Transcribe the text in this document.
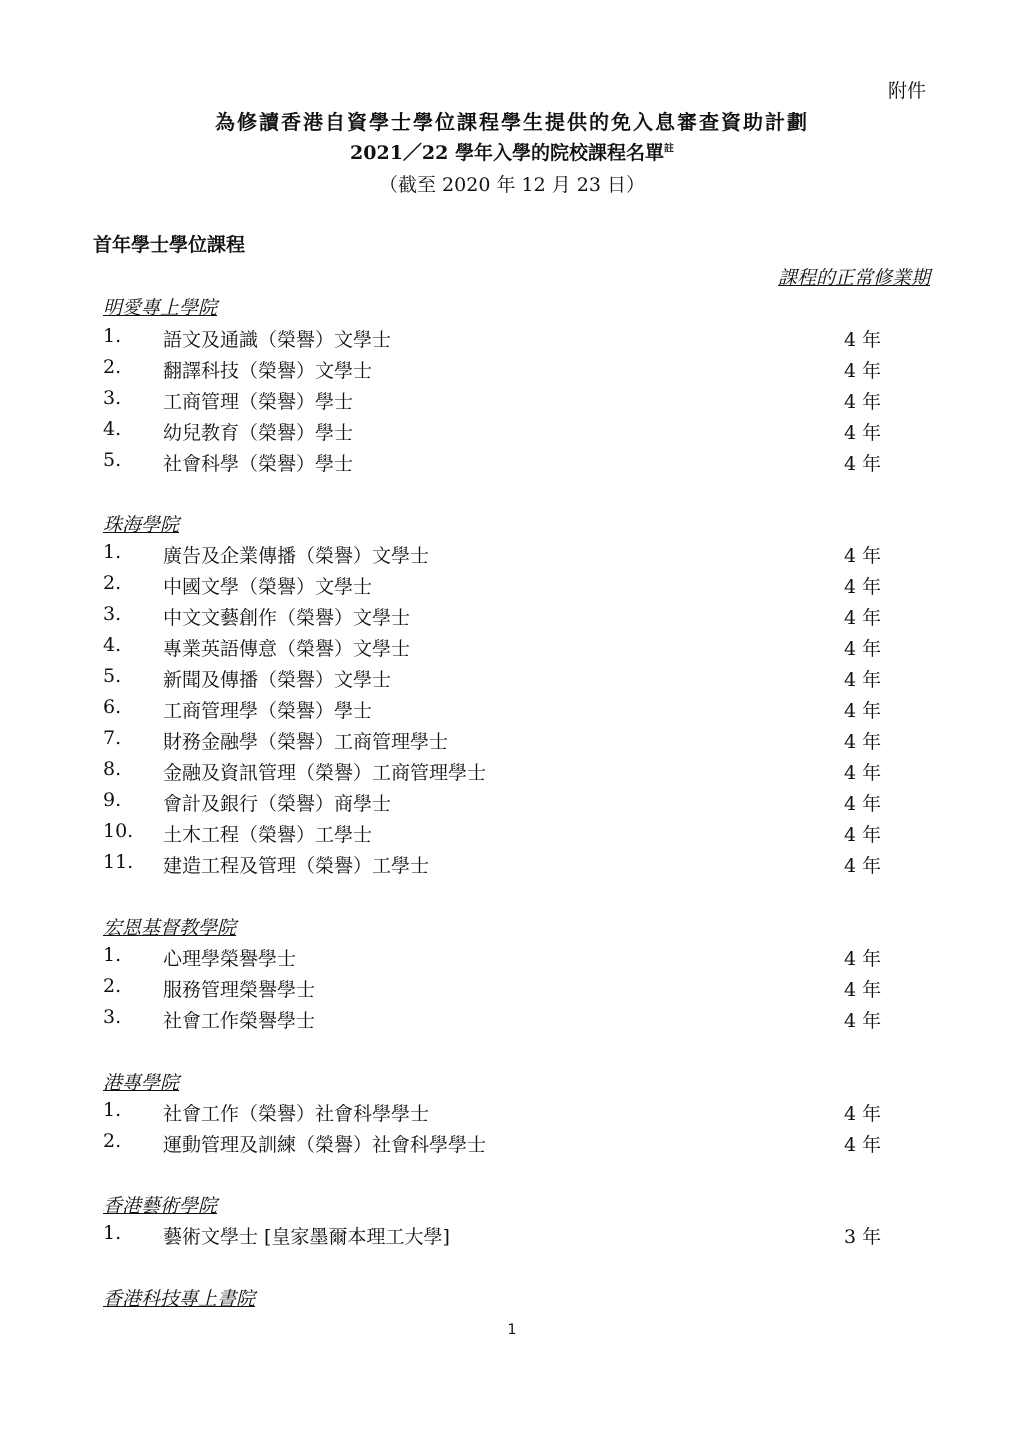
附件
為修讀香港自資學士學位課程學生提供的免入息審查資助計劃
2021／22 學年入學的院校課程名單$^註$
（截至 2020 年 12 月 23 日）
首年學士學位課程
課程的正常修業期
明愛專上學院
1. 語文及通識（榮譽）文學士	4 年
2. 翻譯科技（榮譽）文學士	4 年
3. 工商管理（榮譽）學士	4 年
4. 幼兒教育（榮譽）學士	4 年
5. 社會科學（榮譽）學士	4 年
珠海學院
1. 廣告及企業傳播（榮譽）文學士	4 年
2. 中國文學（榮譽）文學士	4 年
3. 中文文藝創作（榮譽）文學士	4 年
4. 專業英語傳意（榮譽）文學士	4 年
5. 新聞及傳播（榮譽）文學士	4 年
6. 工商管理學（榮譽）學士	4 年
7. 財務金融學（榮譽）工商管理學士	4 年
8. 金融及資訊管理（榮譽）工商管理學士	4 年
9. 會計及銀行（榮譽）商學士	4 年
10. 土木工程（榮譽）工學士	4 年
11. 建造工程及管理（榮譽）工學士	4 年
宏恩基督教學院
1. 心理學榮譽學士	4 年
2. 服務管理榮譽學士	4 年
3. 社會工作榮譽學士	4 年
港專學院
1. 社會工作（榮譽）社會科學學士	4 年
2. 運動管理及訓練（榮譽）社會科學學士	4 年
香港藝術學院
1. 藝術文學士 [皇家墨爾本理工大學]	3 年
香港科技專上書院
1
